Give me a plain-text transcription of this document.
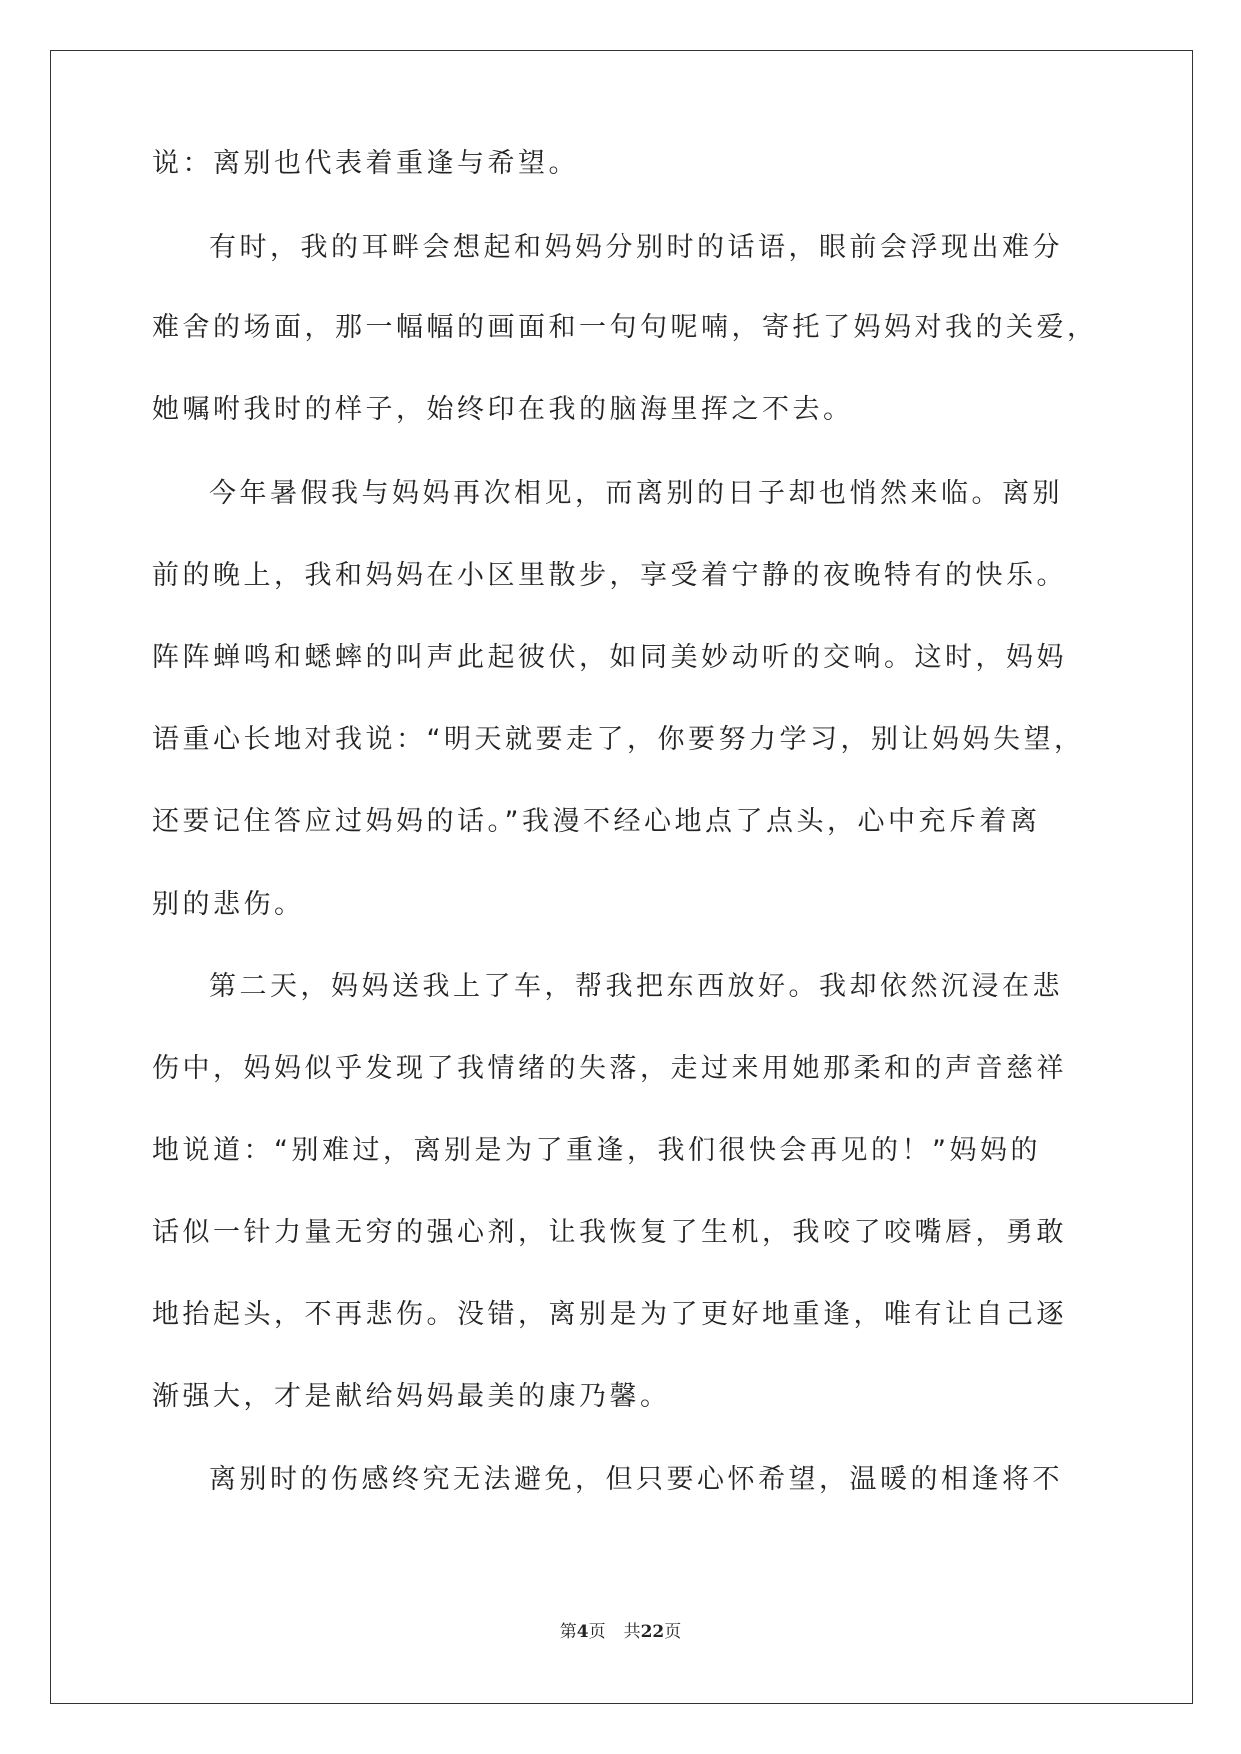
说：离别也代表着重逢与希望。
有时，我的耳畔会想起和妈妈分别时的话语，眼前会浮现出难分
难舍的场面，那一幅幅的画面和一句句呢喃，寄托了妈妈对我的关爱，
她嘱咐我时的样子，始终印在我的脑海里挥之不去。
今年暑假我与妈妈再次相见，而离别的日子却也悄然来临。离别
前的晚上，我和妈妈在小区里散步，享受着宁静的夜晚特有的快乐。
阵阵蝉鸣和蟋蟀的叫声此起彼伏，如同美妙动听的交响。这时，妈妈
语重心长地对我说：“明天就要走了，你要努力学习，别让妈妈失望，
还要记住答应过妈妈的话。”我漫不经心地点了点头，心中充斥着离
别的悲伤。
第二天，妈妈送我上了车，帮我把东西放好。我却依然沉浸在悲
伤中，妈妈似乎发现了我情绪的失落，走过来用她那柔和的声音慈祥
地说道：“别难过，离别是为了重逢，我们很快会再见的！”妈妈的
话似一针力量无穷的强心剂，让我恢复了生机，我咬了咬嘴唇，勇敢
地抬起头，不再悲伤。没错，离别是为了更好地重逢，唯有让自己逐
渐强大，才是献给妈妈最美的康乃馨。
离别时的伤感终究无法避免，但只要心怀希望，温暖的相逢将不
第4页 共22页
